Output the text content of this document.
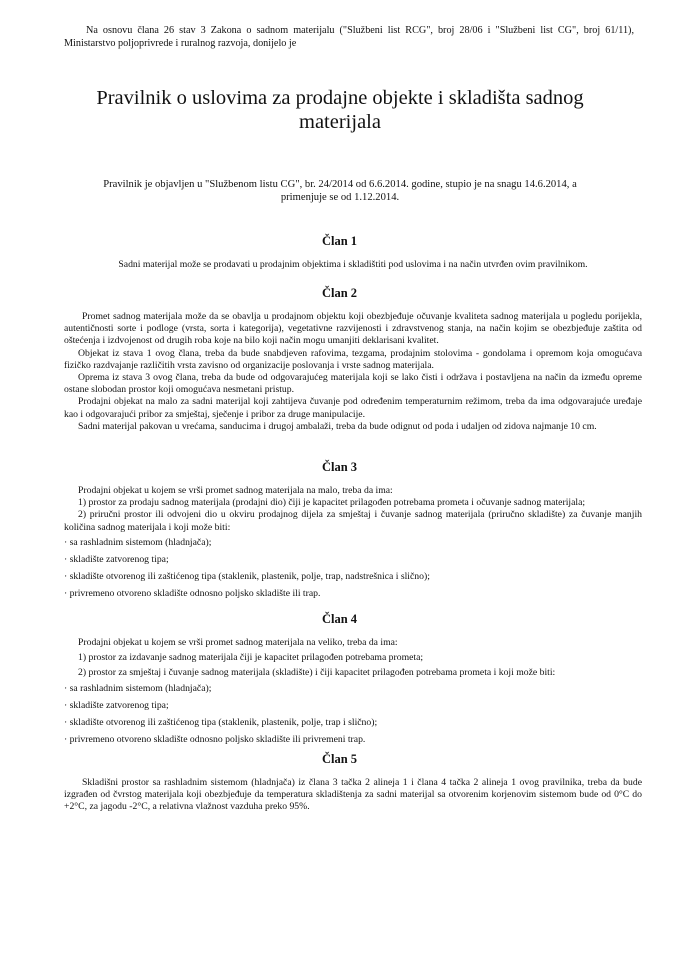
Na osnovu člana 26 stav 3 Zakona o sadnom materijalu ("Službeni list RCG", broj 28/06 i "Službeni list CG", broj 61/11), Ministarstvo poljoprivrede i ruralnog razvoja, donijelo je
Pravilnik o uslovima za prodajne objekte i skladišta sadnog materijala
Pravilnik je objavljen u "Službenom listu CG", br. 24/2014 od 6.6.2014. godine, stupio je na snagu 14.6.2014, a primenjuje se od 1.12.2014.
Član 1

Sadni materijal može se prodavati u prodajnim objektima i skladištiti pod uslovima i na način utvrđen ovim pravilnikom.

Član 2

Promet sadnog materijala može da se obavlja u prodajnom objektu koji obezbjeđuje očuvanje kvaliteta sadnog materijala u pogledu porijekla, autentičnosti sorte i podloge (vrsta, sorta i kategorija), vegetativne razvijenosti i zdravstvenog stanja, na način kojim se obezbjeđuje zaštita od oštećenja i izdvojenost od drugih roba koje na bilo koji način mogu umanjiti deklarisani kvalitet.

Objekat iz stava 1 ovog člana, treba da bude snabdjeven rafovima, tezgama, prodajnim stolovima - gondolama i opremom koja omogućava fizičko razdvajanje različitih vrsta zavisno od organizacije poslovanja i vrste sadnog materijala.

Oprema iz stava 3 ovog člana, treba da bude od odgovarajućeg materijala koji se lako čisti i održava i postavljena na način da između opreme ostane slobodan prostor koji omogućava nesmetani pristup.

Prodajni objekat na malo za sadni materijal koji zahtijeva čuvanje pod određenim temperaturnim režimom, treba da ima odgovarajuće uređaje kao i odgovarajući pribor za smještaj, sječenje i pribor za druge manipulacije.

Sadni materijal pakovan u vrećama, sanducima i drugoj ambalaži, treba da bude odignut od poda i udaljen od zidova najmanje 10 cm.

Član 3

Prodajni objekat u kojem se vrši promet sadnog materijala na malo, treba da ima:

1) prostor za prodaju sadnog materijala (prodajni dio) čiji je kapacitet prilagođen potrebama prometa i očuvanje sadnog materijala;

2) priručni prostor ili odvojeni dio u okviru prodajnog dijela za smještaj i čuvanje sadnog materijala (priručno skladište) za čuvanje manjih količina sadnog materijala i koji može biti:

· sa rashladnim sistemom (hladnjača);

· skladište zatvorenog tipa;

· skladište otvorenog ili zaštićenog tipa (staklenik, plastenik, polje, trap, nadstrešnica i slično);

· privremeno otvoreno skladište odnosno poljsko skladište ili trap.

Član 4

Prodajni objekat u kojem se vrši promet sadnog materijala na veliko, treba da ima:

1) prostor za izdavanje sadnog materijala čiji je kapacitet prilagođen potrebama prometa;

2) prostor za smještaj i čuvanje sadnog materijala (skladište) i čiji kapacitet prilagođen potrebama prometa i koji može biti:

· sa rashladnim sistemom (hladnjača);

· skladište zatvorenog tipa;

· skladište otvorenog ili zaštićenog tipa (staklenik, plastenik, polje, trap i slično);

· privremeno otvoreno skladište odnosno poljsko skladište ili privremeni trap.

Član 5

Skladišni prostor sa rashladnim sistemom (hladnjača) iz člana 3 tačka 2 alineja 1 i člana 4 tačka 2 alineja 1 ovog pravilnika, treba da bude izgrađen od čvrstog materijala koji obezbjeđuje da temperatura skladištenja za sadni materijal sa otvorenim korjenovim sistemom bude od 0°C do +2°C, za jagodu -2°C, a relativna vlažnost vazduha preko 95%.
